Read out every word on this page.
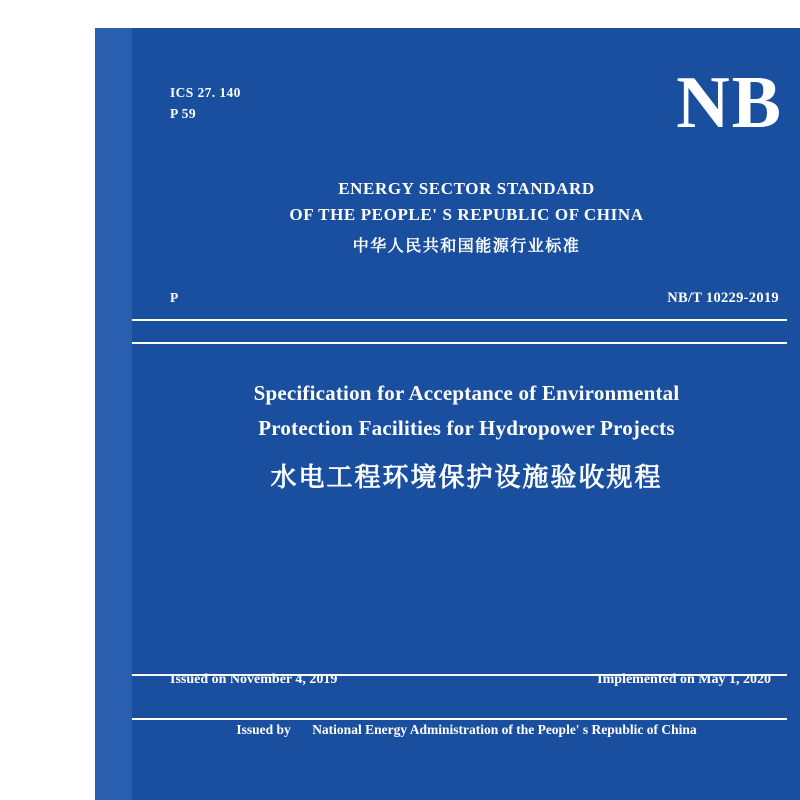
ICS 27. 140
P 59	NB
ENERGY SECTOR STANDARD
OF THE PEOPLE' S REPUBLIC OF CHINA
中华人民共和国能源行业标准
P	NB/T 10229-2019
Specification for Acceptance of Environmental
Protection Facilities for Hydropower Projects
水电工程环境保护设施验收规程
Issued on November 4, 2019	Implemented on May 1, 2020
Issued by National Energy Administration of the People' s Republic of China
